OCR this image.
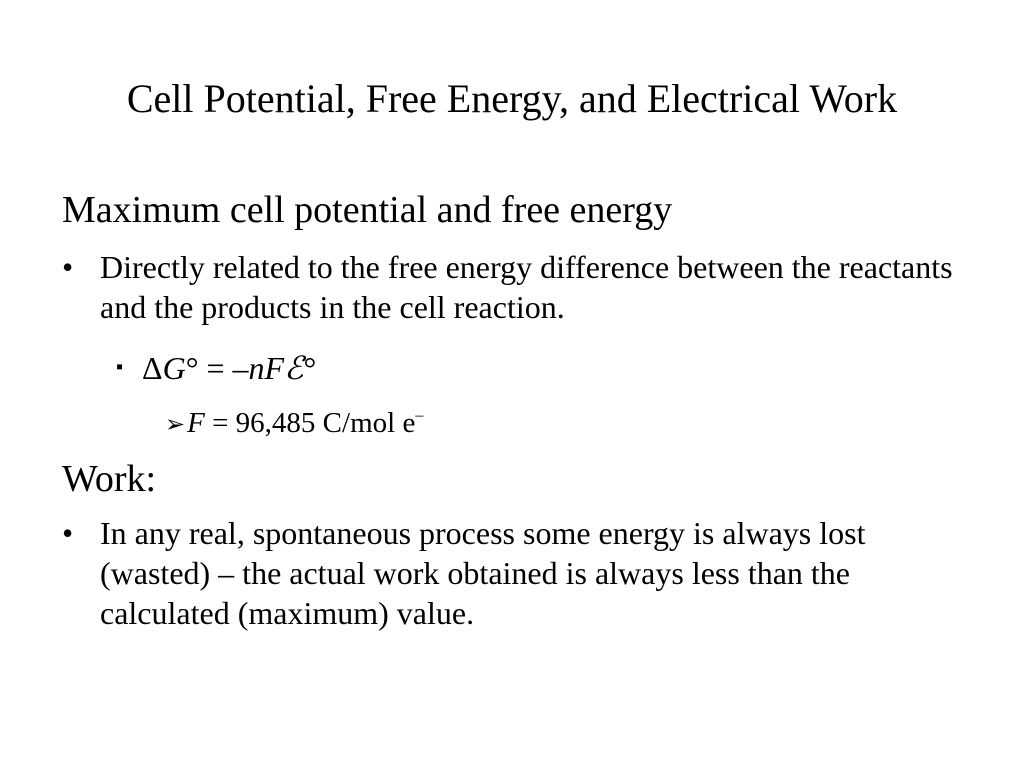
Cell Potential, Free Energy, and Electrical Work
Maximum cell potential and free energy
• Directly related to the free energy difference between the reactants and the products in the cell reaction.
▪ ΔG° = –nFℰ°
➢F = 96,485 C/mol e–
Work:
• In any real, spontaneous process some energy is always lost (wasted) – the actual work obtained is always less than the calculated (maximum) value.
